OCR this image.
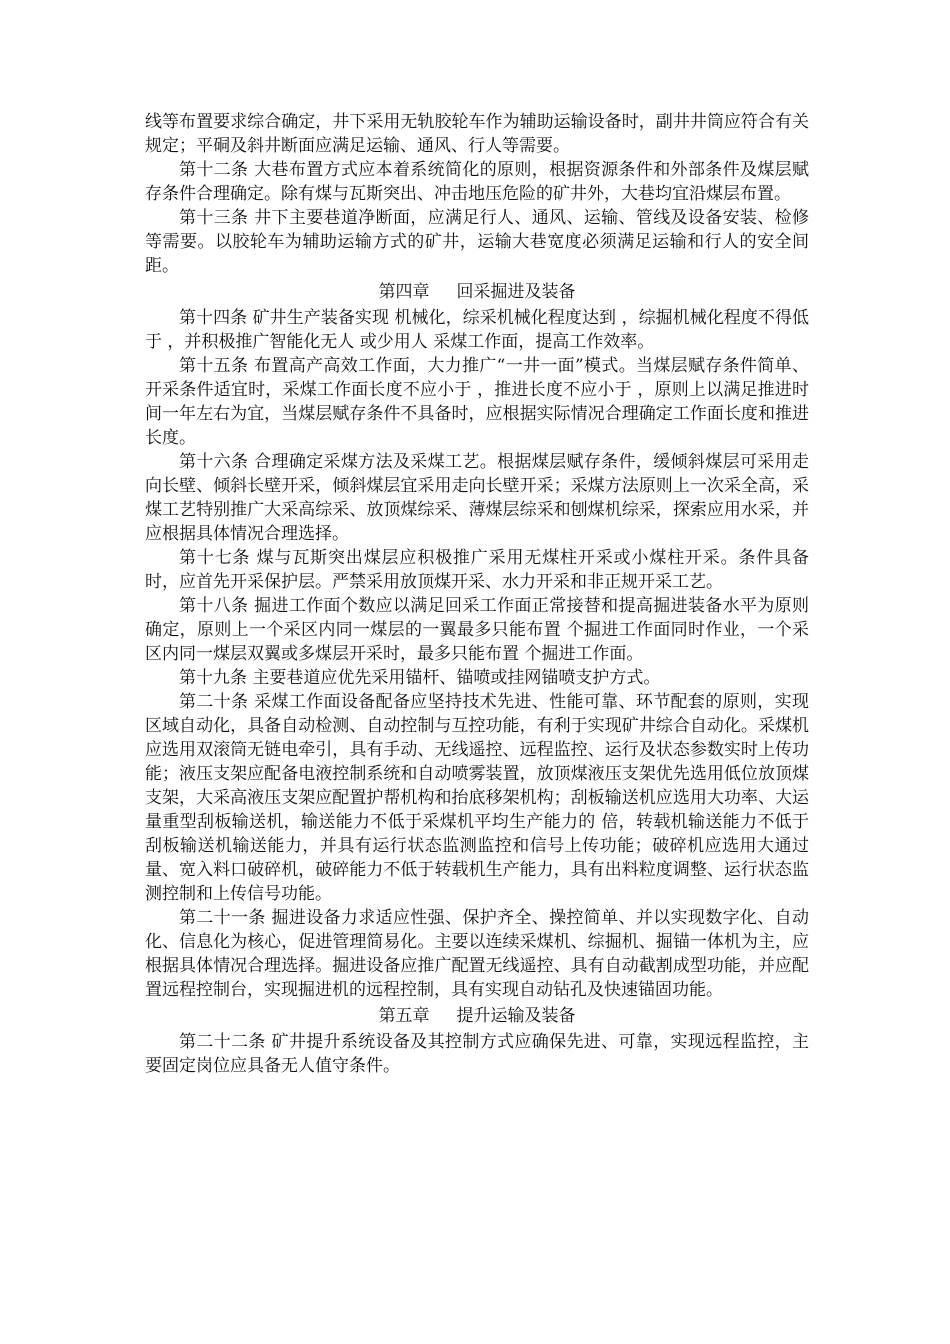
线等布置要求综合确定，井下采用无轨胶轮车作为辅助运输设备时，副井井筒应符合有关规定；平硐及斜井断面应满足运输、通风、行人等需要。

第十二条 大巷布置方式应本着系统简化的原则，根据资源条件和外部条件及煤层赋存条件合理确定。除有煤与瓦斯突出、冲击地压危险的矿井外，大巷均宜沿煤层布置。

第十三条 井下主要巷道净断面，应满足行人、通风、运输、管线及设备安装、检修等需要。以胶轮车为辅助运输方式的矿井，运输大巷宽度必须满足运输和行人的安全间距。

第四章     回采掘进及装备

第十四条 矿井生产装备实现 机械化，综采机械化程度达到 ，综掘机械化程度不得低于 ，并积极推广智能化无人 或少用人 采煤工作面，提高工作效率。

第十五条 布置高产高效工作面，大力推广“一井一面”模式。当煤层赋存条件简单、开采条件适宜时，采煤工作面长度不应小于 ，推进长度不应小于 ，原则上以满足推进时间一年左右为宜，当煤层赋存条件不具备时，应根据实际情况合理确定工作面长度和推进长度。

第十六条 合理确定采煤方法及采煤工艺。根据煤层赋存条件，缓倾斜煤层可采用走向长壁、倾斜长壁开采，倾斜煤层宜采用走向长壁开采；采煤方法原则上一次采全高，采煤工艺特别推广大采高综采、放顶煤综采、薄煤层综采和刨煤机综采，探索应用水采，并应根据具体情况合理选择。

第十七条 煤与瓦斯突出煤层应积极推广采用无煤柱开采或小煤柱开采。条件具备时，应首先开采保护层。严禁采用放顶煤开采、水力开采和非正规开采工艺。

第十八条 掘进工作面个数应以满足回采工作面正常接替和提高掘进装备水平为原则确定，原则上一个采区内同一煤层的一翼最多只能布置 个掘进工作面同时作业，一个采区内同一煤层双翼或多煤层开采时，最多只能布置 个掘进工作面。

第十九条 主要巷道应优先采用锚杆、锚喷或挂网锚喷支护方式。

第二十条 采煤工作面设备配备应坚持技术先进、性能可靠、环节配套的原则，实现区域自动化，具备自动检测、自动控制与互控功能，有利于实现矿井综合自动化。采煤机应选用双滚筒无链电牵引，具有手动、无线遥控、远程监控、运行及状态参数实时上传功能；液压支架应配备电液控制系统和自动喷雾装置，放顶煤液压支架优先选用低位放顶煤支架，大采高液压支架应配置护帮机构和抬底移架机构；刮板输送机应选用大功率、大运量重型刮板输送机，输送能力不低于采煤机平均生产能力的 倍，转载机输送能力不低于刮板输送机输送能力，并具有运行状态监测监控和信号上传功能；破碎机应选用大通过量、宽入料口破碎机，破碎能力不低于转载机生产能力，具有出料粒度调整、运行状态监测控制和上传信号功能。

第二十一条 掘进设备力求适应性强、保护齐全、操控简单、并以实现数字化、自动化、信息化为核心，促进管理简易化。主要以连续采煤机、综掘机、掘锚一体机为主，应根据具体情况合理选择。掘进设备应推广配置无线遥控、具有自动截割成型功能，并应配置远程控制台，实现掘进机的远程控制，具有实现自动钻孔及快速锚固功能。

第五章     提升运输及装备

第二十二条 矿井提升系统设备及其控制方式应确保先进、可靠，实现远程监控，主要固定岗位应具备无人值守条件。
